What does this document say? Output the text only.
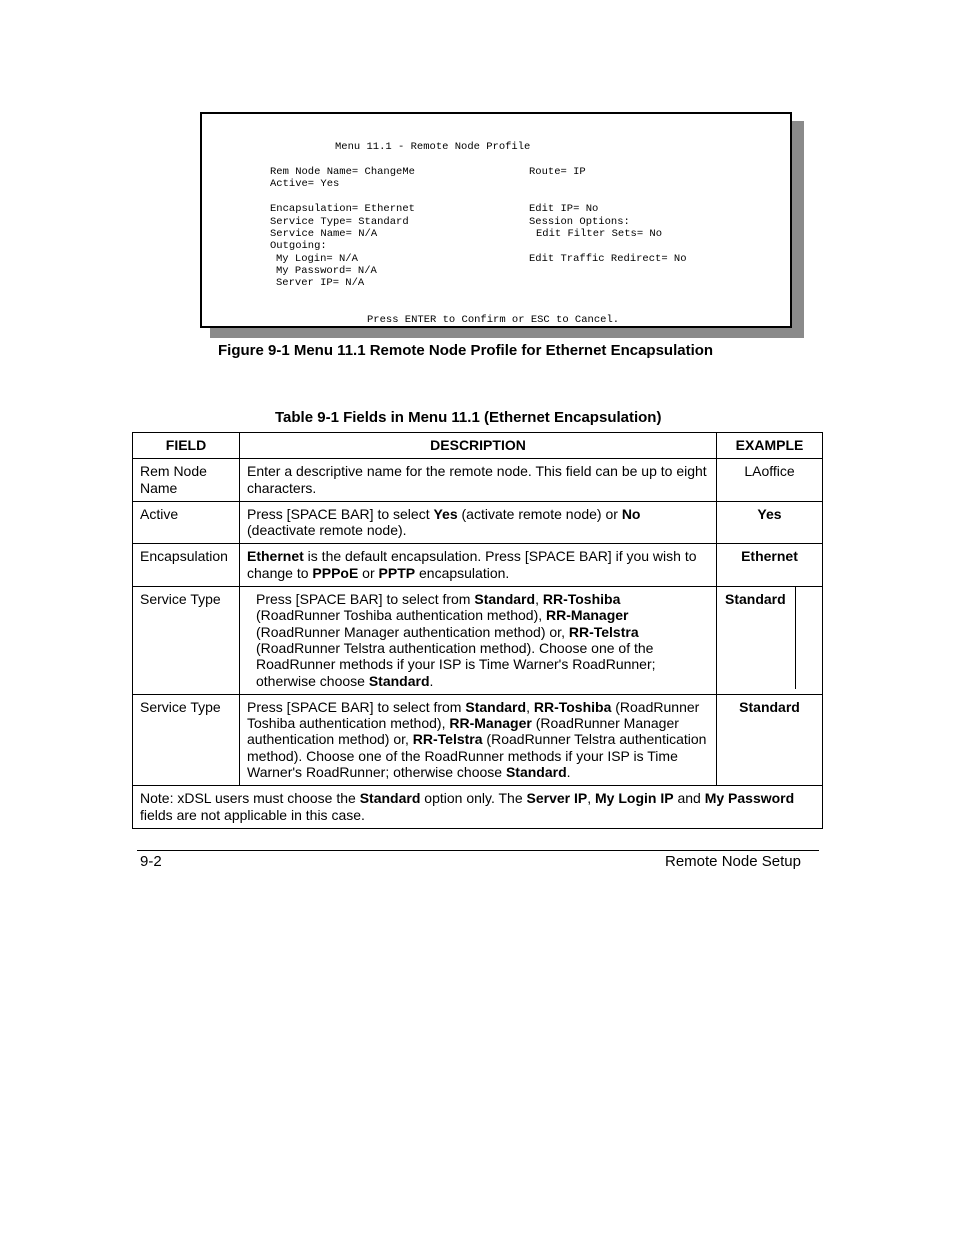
Menu 11.1 - Remote Node Profile
Rem Node Name= ChangeMe	Route= IP
Active= Yes
Encapsulation= Ethernet	Edit IP= No
Service Type= Standard	Session Options:
Service Name= N/A	Edit Filter Sets= No
Outgoing:
My Login= N/A	Edit Traffic Redirect= No
My Password= N/A
Server IP= N/A
Press ENTER to Confirm or ESC to Cancel.
Figure 9-1 Menu 11.1 Remote Node Profile for Ethernet Encapsulation
Table 9-1 Fields in Menu 11.1 (Ethernet Encapsulation)
FIELD	DESCRIPTION	EXAMPLE
Rem Node Name	Enter a descriptive name for the remote node. This field can be up to eight characters.	LAoffice
Active	Press [SPACE BAR] to select Yes (activate remote node) or No (deactivate remote node).	Yes
Encapsulation	Ethernet is the default encapsulation. Press [SPACE BAR] if you wish to change to PPPoE or PPTP encapsulation.	Ethernet
Service Type	Press [SPACE BAR] to select from Standard, RR-Toshiba (RoadRunner Toshiba authentication method), RR-Manager (RoadRunner Manager authentication method) or, RR-Telstra (RoadRunner Telstra authentication method). Choose one of the RoadRunner methods if your ISP is Time Warner's RoadRunner; otherwise choose Standard.	Standard

Service Type	Press [SPACE BAR] to select from Standard, RR-Toshiba (RoadRunner Toshiba authentication method), RR-Manager (RoadRunner Manager authentication method) or, RR-Telstra (RoadRunner Telstra authentication method). Choose one of the RoadRunner methods if your ISP is Time Warner's RoadRunner; otherwise choose Standard.	Standard
Note: xDSL users must choose the Standard option only. The Server IP, My Login IP and My Password fields are not applicable in this case.		
9-2	Remote Node Setup
